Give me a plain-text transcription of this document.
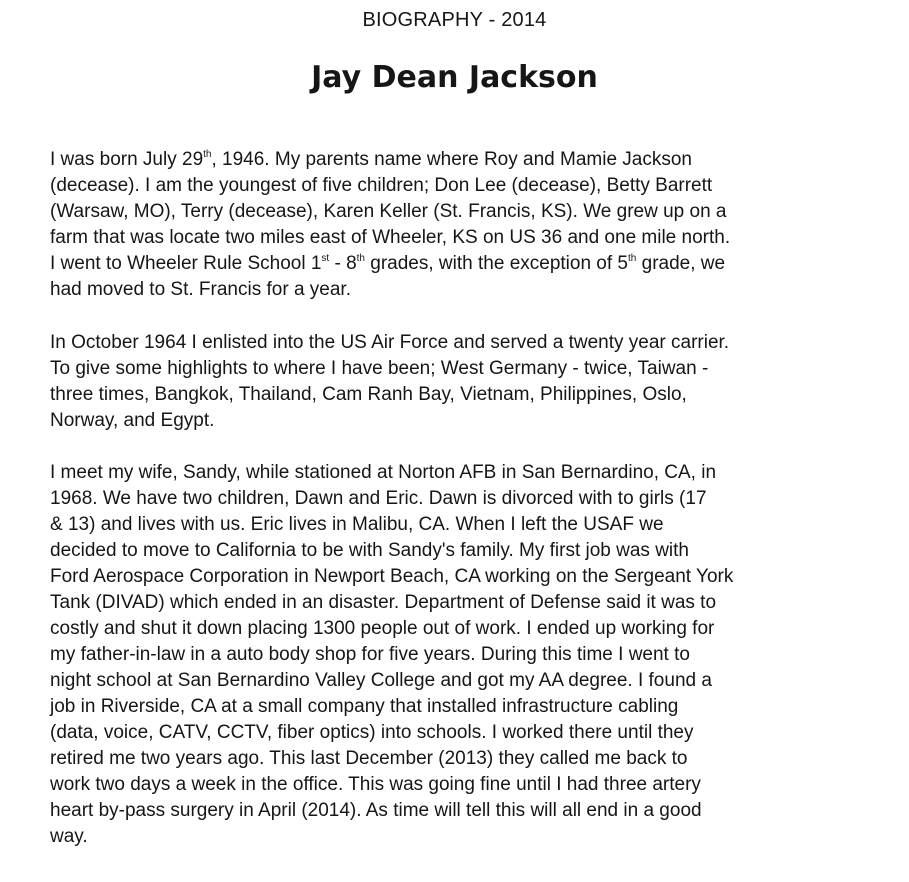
BIOGRAPHY - 2014
Jay Dean Jackson

I was born July 29th, 1946. My parents name where Roy and Mamie Jackson
(decease). I am the youngest of five children; Don Lee (decease), Betty Barrett
(Warsaw, MO), Terry (decease), Karen Keller (St. Francis, KS). We grew up on a
farm that was locate two miles east of Wheeler, KS on US 36 and one mile north.
I went to Wheeler Rule School 1st - 8th grades, with the exception of 5th grade, we
had moved to St. Francis for a year.

In October 1964 I enlisted into the US Air Force and served a twenty year carrier.
To give some highlights to where I have been; West Germany - twice, Taiwan -
three times, Bangkok, Thailand, Cam Ranh Bay, Vietnam, Philippines, Oslo,
Norway, and Egypt.

I meet my wife, Sandy, while stationed at Norton AFB in San Bernardino, CA, in
1968. We have two children, Dawn and Eric. Dawn is divorced with to girls (17
& 13) and lives with us. Eric lives in Malibu, CA. When I left the USAF we
decided to move to California to be with Sandy's family. My first job was with
Ford Aerospace Corporation in Newport Beach, CA working on the Sergeant York
Tank (DIVAD) which ended in an disaster. Department of Defense said it was to
costly and shut it down placing 1300 people out of work. I ended up working for
my father-in-law in a auto body shop for five years. During this time I went to
night school at San Bernardino Valley College and got my AA degree. I found a
job in Riverside, CA at a small company that installed infrastructure cabling
(data, voice, CATV, CCTV, fiber optics) into schools. I worked there until they
retired me two years ago. This last December (2013) they called me back to
work two days a week in the office. This was going fine until I had three artery
heart by-pass surgery in April (2014). As time will tell this will all end in a good
way.
